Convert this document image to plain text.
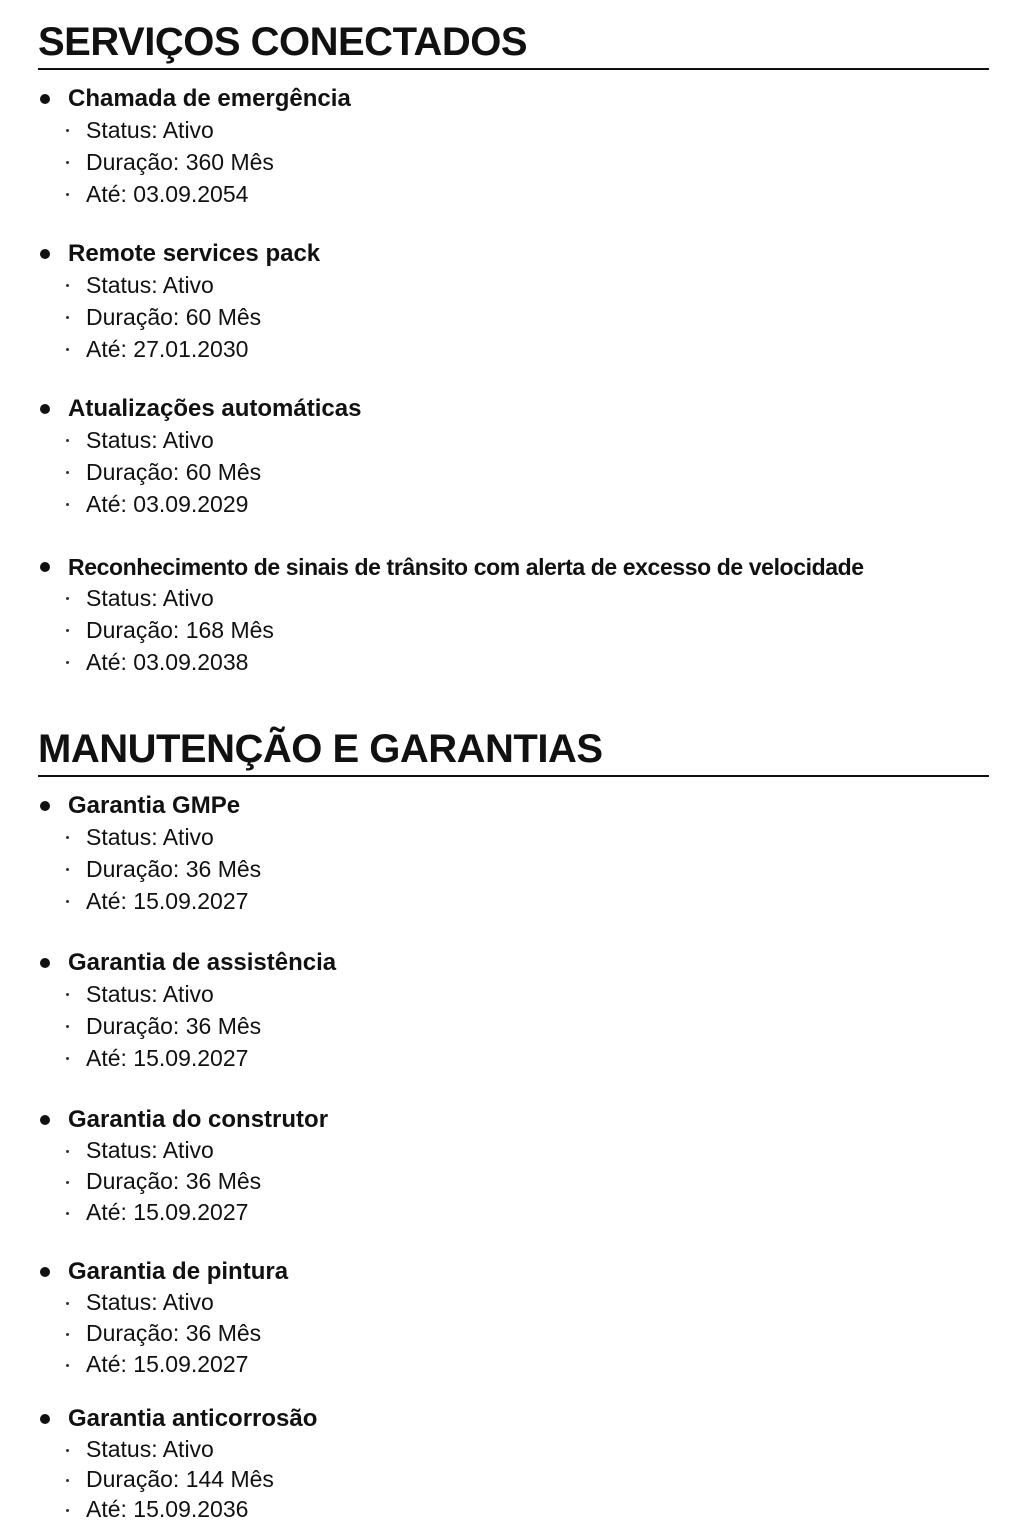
SERVIÇOS CONECTADOS
Chamada de emergência
Status: Ativo
Duração: 360 Mês
Até: 03.09.2054
Remote services pack
Status: Ativo
Duração: 60 Mês
Até: 27.01.2030
Atualizações automáticas
Status: Ativo
Duração: 60 Mês
Até: 03.09.2029
Reconhecimento de sinais de trânsito com alerta de excesso de velocidade
Status: Ativo
Duração: 168 Mês
Até: 03.09.2038
MANUTENÇÃO E GARANTIAS
Garantia GMPe
Status: Ativo
Duração: 36 Mês
Até: 15.09.2027
Garantia de assistência
Status: Ativo
Duração: 36 Mês
Até: 15.09.2027
Garantia do construtor
Status: Ativo
Duração: 36 Mês
Até: 15.09.2027
Garantia de pintura
Status: Ativo
Duração: 36 Mês
Até: 15.09.2027
Garantia anticorrosão
Status: Ativo
Duração: 144 Mês
Até: 15.09.2036
